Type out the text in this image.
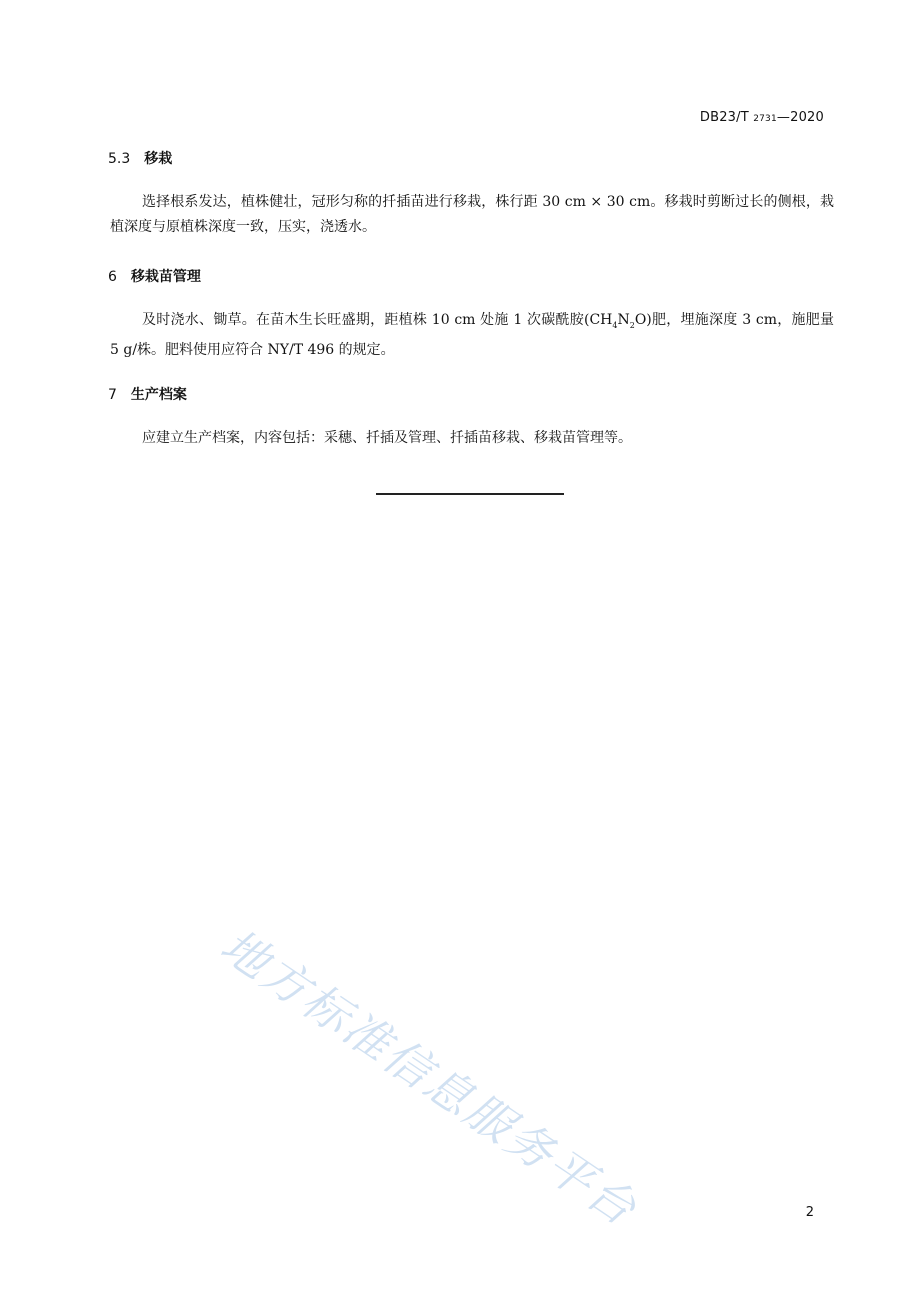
DB23/T 2731—2020
5.3 移栽
选择根系发达，植株健壮，冠形匀称的扦插苗进行移栽，株行距 30 cm × 30 cm。移栽时剪断过长的侧根，栽植深度与原植株深度一致，压实，浇透水。
6 移栽苗管理
及时浇水、锄草。在苗木生长旺盛期，距植株 10 cm 处施 1 次碳酰胺$(CH_4N_2O)$肥，埋施深度 3 cm，施肥量 5 g/株。肥料使用应符合 NY/T 496 的规定。
7 生产档案
应建立生产档案，内容包括：采穗、扦插及管理、扦插苗移栽、移栽苗管理等。
地方标准信息服务平台	2
